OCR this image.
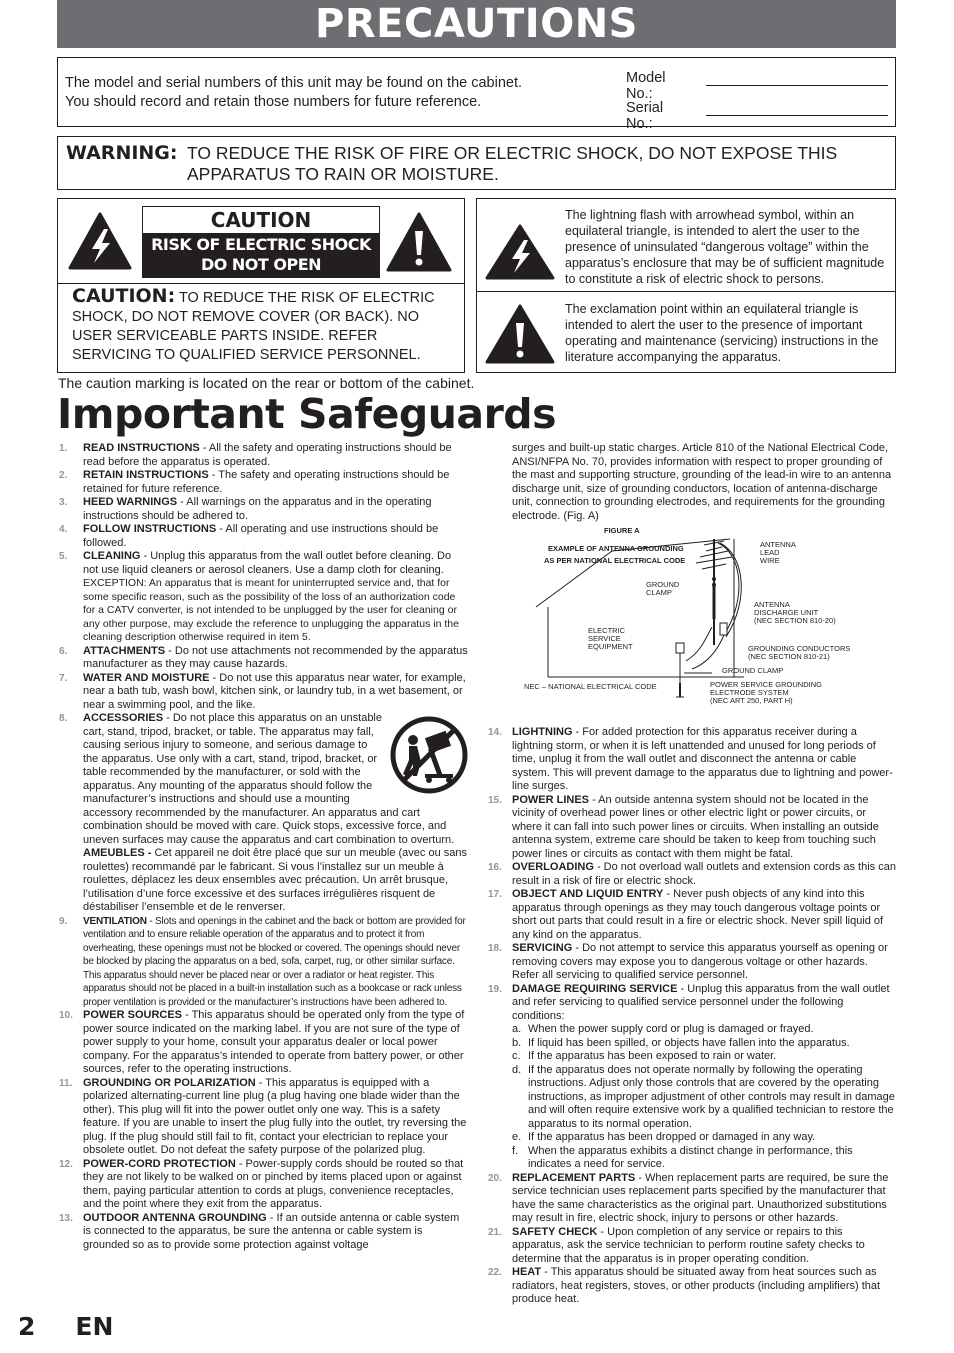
PRECAUTIONS
The model and serial numbers of this unit may be found on the cabinet.
You should record and retain those numbers for future reference.
Model No.:
Serial No.:
WARNING: TO REDUCE THE RISK OF FIRE OR ELECTRIC SHOCK, DO NOT EXPOSE THIS APPARATUS TO RAIN OR MOISTURE.
CAUTION
RISK OF ELECTRIC SHOCK
DO NOT OPEN
CAUTION: TO REDUCE THE RISK OF ELECTRIC SHOCK, DO NOT REMOVE COVER (OR BACK). NO USER SERVICEABLE PARTS INSIDE. REFER SERVICING TO QUALIFIED SERVICE PERSONNEL.
The lightning flash with arrowhead symbol, within an equilateral triangle, is intended to alert the user to the presence of uninsulated “dangerous voltage” within the apparatus’s enclosure that may be of sufficient magnitude to constitute a risk of electric shock to persons.
The exclamation point within an equilateral triangle is intended to alert the user to the presence of important operating and maintenance (servicing) instructions in the literature accompanying the apparatus.
The caution marking is located on the rear or bottom of the cabinet.
Important Safeguards
1. READ INSTRUCTIONS - All the safety and operating instructions should be read before the apparatus is operated.
2. RETAIN INSTRUCTIONS - The safety and operating instructions should be retained for future reference.
3. HEED WARNINGS - All warnings on the apparatus and in the operating instructions should be adhered to.
4. FOLLOW INSTRUCTIONS - All operating and use instructions should be followed.
5. CLEANING - Unplug this apparatus from the wall outlet before cleaning. Do not use liquid cleaners or aerosol cleaners. Use a damp cloth for cleaning.
EXCEPTION: An apparatus that is meant for uninterrupted service and, that for some specific reason, such as the possibility of the loss of an authorization code for a CATV converter, is not intended to be unplugged by the user for cleaning or any other purpose, may exclude the reference to unplugging the apparatus in the cleaning description otherwise required in item 5.
6. ATTACHMENTS - Do not use attachments not recommended by the apparatus manufacturer as they may cause hazards.
7. WATER AND MOISTURE - Do not use this apparatus near water, for example, near a bath tub, wash bowl, kitchen sink, or laundry tub, in a wet basement, or near a swimming pool, and the like.
8. ACCESSORIES - Do not place this apparatus on an unstable cart, stand, tripod, bracket, or table. The apparatus may fall, causing serious injury to someone, and serious damage to the apparatus. Use only with a cart, stand, tripod, bracket, or table recommended by the manufacturer, or sold with the apparatus. Any mounting of the apparatus should follow the manufacturer’s instructions and should use a mounting accessory recommended by the manufacturer. An apparatus and cart combination should be moved with care. Quick stops, excessive force, and uneven surfaces may cause the apparatus and cart combination to overturn.
AMEUBLES - Cet appareil ne doit être placé que sur un meuble (avec ou sans roulettes) recommandé par le fabricant. Si vous l’installez sur un meuble à roulettes, déplacez les deux ensembles avec précaution. Un arrêt brusque, l’utilisation d’une force excessive et des surfaces irrégulières risquent de déstabiliser l’ensemble et de le renverser.
9. VENTILATION - Slots and openings in the cabinet and the back or bottom are provided for ventilation and to ensure reliable operation of the apparatus and to protect it from overheating, these openings must not be blocked or covered. The openings should never be blocked by placing the apparatus on a bed, sofa, carpet, rug, or other similar surface. This apparatus should never be placed near or over a radiator or heat register. This apparatus should not be placed in a built-in installation such as a bookcase or rack unless proper ventilation is provided or the manufacturer’s instructions have been adhered to.
10. POWER SOURCES - This apparatus should be operated only from the type of power source indicated on the marking label. If you are not sure of the type of power supply to your home, consult your apparatus dealer or local power company. For the apparatus’s intended to operate from battery power, or other sources, refer to the operating instructions.
11. GROUNDING OR POLARIZATION - This apparatus is equipped with a polarized alternating-current line plug (a plug having one blade wider than the other). This plug will fit into the power outlet only one way. This is a safety feature. If you are unable to insert the plug fully into the outlet, try reversing the plug. If the plug should still fail to fit, contact your electrician to replace your obsolete outlet. Do not defeat the safety purpose of the polarized plug.
12. POWER-CORD PROTECTION - Power-supply cords should be routed so that they are not likely to be walked on or pinched by items placed upon or against them, paying particular attention to cords at plugs, convenience receptacles, and the point where they exit from the apparatus.
13. OUTDOOR ANTENNA GROUNDING - If an outside antenna or cable system is connected to the apparatus, be sure the antenna or cable system is grounded so as to provide some protection against voltage
surges and built-up static charges. Article 810 of the National Electrical Code, ANSI/NFPA No. 70, provides information with respect to proper grounding of the mast and supporting structure, grounding of the lead-in wire to an antenna discharge unit, size of grounding conductors, location of antenna-discharge unit, connection to grounding electrodes, and requirements for the grounding electrode. (Fig. A)
FIGURE A
EXAMPLE OF ANTENNA GROUNDING
AS PER NATIONAL ELECTRICAL CODE
ANTENNA
LEAD
WIRE
GROUND
CLAMP
ANTENNA
DISCHARGE UNIT
(NEC SECTION 810-20)
ELECTRIC
SERVICE
EQUIPMENT	GROUNDING CONDUCTORS
(NEC SECTION 810-21)
GROUND CLAMP
NEC – NATIONAL ELECTRICAL CODE	POWER SERVICE GROUNDING
ELECTRODE SYSTEM
(NEC ART 250, PART H)
14. LIGHTNING - For added protection for this apparatus receiver during a lightning storm, or when it is left unattended and unused for long periods of time, unplug it from the wall outlet and disconnect the antenna or cable system. This will prevent damage to the apparatus due to lightning and power-line surges.
15. POWER LINES - An outside antenna system should not be located in the vicinity of overhead power lines or other electric light or power circuits, or where it can fall into such power lines or circuits. When installing an outside antenna system, extreme care should be taken to keep from touching such power lines or circuits as contact with them might be fatal.
16. OVERLOADING - Do not overload wall outlets and extension cords as this can result in a risk of fire or electric shock.
17. OBJECT AND LIQUID ENTRY - Never push objects of any kind into this apparatus through openings as they may touch dangerous voltage points or short out parts that could result in a fire or electric shock. Never spill liquid of any kind on the apparatus.
18. SERVICING - Do not attempt to service this apparatus yourself as opening or removing covers may expose you to dangerous voltage or other hazards. Refer all servicing to qualified service personnel.
19. DAMAGE REQUIRING SERVICE - Unplug this apparatus from the wall outlet and refer servicing to qualified service personnel under the following conditions:
a. When the power supply cord or plug is damaged or frayed.
b. If liquid has been spilled, or objects have fallen into the apparatus.
c. If the apparatus has been exposed to rain or water.
d. If the apparatus does not operate normally by following the operating instructions. Adjust only those controls that are covered by the operating instructions, as improper adjustment of other controls may result in damage and will often require extensive work by a qualified technician to restore the apparatus to its normal operation.
e. If the apparatus has been dropped or damaged in any way.
f. When the apparatus exhibits a distinct change in performance, this indicates a need for service.
20. REPLACEMENT PARTS - When replacement parts are required, be sure the service technician uses replacement parts specified by the manufacturer that have the same characteristics as the original part. Unauthorized substitutions may result in fire, electric shock, injury to persons or other hazards.
21. SAFETY CHECK - Upon completion of any service or repairs to this apparatus, ask the service technician to perform routine safety checks to determine that the apparatus is in proper operating condition.
22. HEAT - This apparatus should be situated away from heat sources such as radiators, heat registers, stoves, or other products (including amplifiers) that produce heat.
2 EN
